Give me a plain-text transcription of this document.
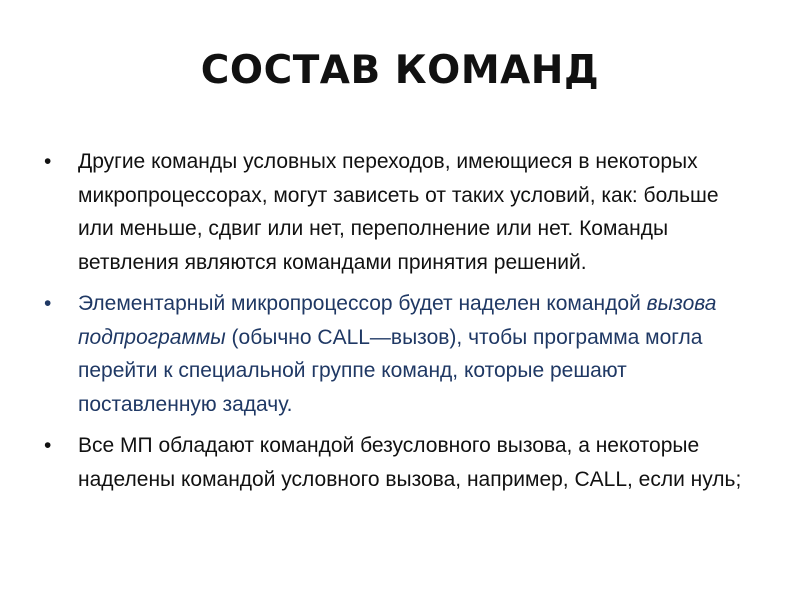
СОСТАВ КОМАНД
• Другие команды условных переходов, имеющиеся в некоторых микропроцессорах, могут зависеть от таких условий, как: больше или меньше, сдвиг или нет, переполнение или нет. Команды ветвления являются командами принятия решений.
• Элементарный микропроцессор будет наделен командой вызова подпрограммы (обычно CALL—вызов), чтобы программа могла перейти к специальной группе команд, которые решают поставленную задачу.
• Все МП обладают командой безусловного вызова, а некоторые наделены командой условного вызова, например, CALL, если нуль;
